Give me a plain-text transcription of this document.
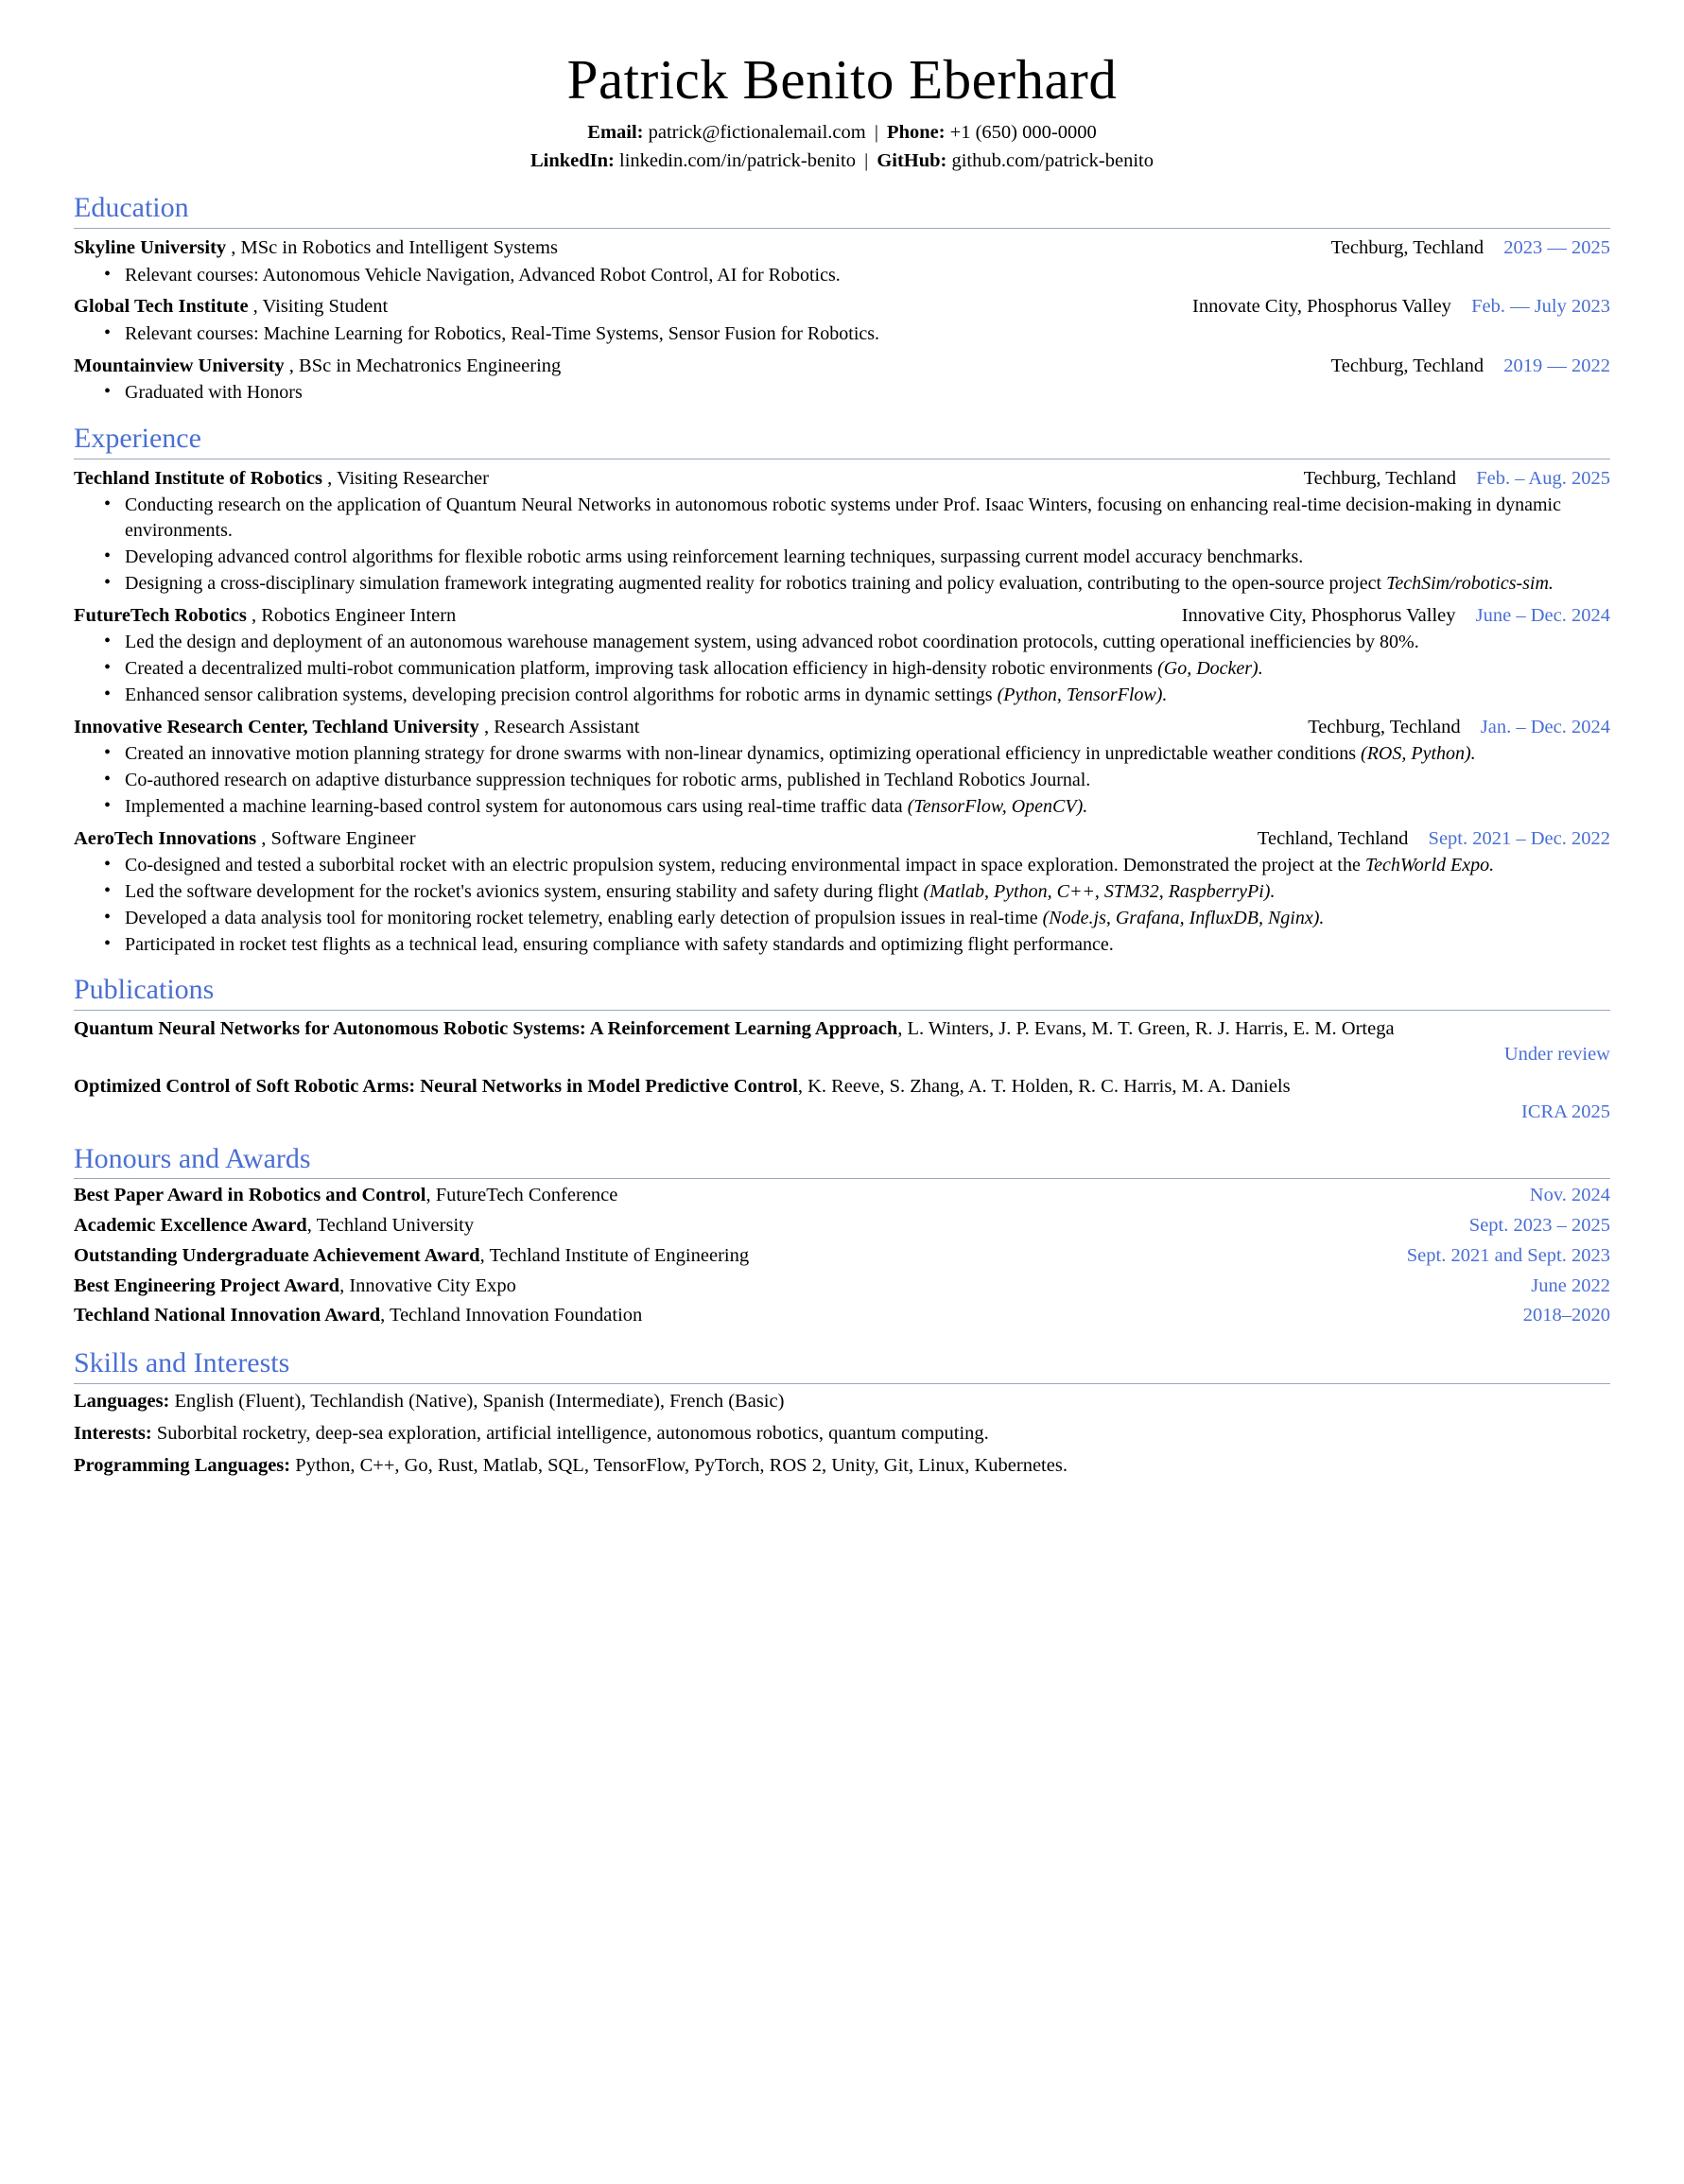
Patrick Benito Eberhard
Email: patrick@fictionalemail.com | Phone: +1 (650) 000-0000
LinkedIn: linkedin.com/in/patrick-benito | GitHub: github.com/patrick-benito
Education
Skyline University , MSc in Robotics and Intelligent Systems	Techburg, Techland 2023 — 2025
• Relevant courses: Autonomous Vehicle Navigation, Advanced Robot Control, AI for Robotics.
Global Tech Institute , Visiting Student	Innovate City, Phosphorus Valley Feb. — July 2023
• Relevant courses: Machine Learning for Robotics, Real-Time Systems, Sensor Fusion for Robotics.
Mountainview University , BSc in Mechatronics Engineering	Techburg, Techland 2019 — 2022
• Graduated with Honors
Experience
Techland Institute of Robotics , Visiting Researcher	Techburg, Techland Feb. – Aug. 2025
• Conducting research on the application of Quantum Neural Networks in autonomous robotic systems under Prof. Isaac Winters, focusing on enhancing real-time decision-making in dynamic environments.
• Developing advanced control algorithms for flexible robotic arms using reinforcement learning techniques, surpassing current model accuracy benchmarks.
• Designing a cross-disciplinary simulation framework integrating augmented reality for robotics training and policy evaluation, contributing to the open-source project TechSim/robotics-sim.
FutureTech Robotics , Robotics Engineer Intern	Innovative City, Phosphorus Valley June – Dec. 2024
• Led the design and deployment of an autonomous warehouse management system, using advanced robot coordination protocols, cutting operational inefficiencies by 80%.
• Created a decentralized multi-robot communication platform, improving task allocation efficiency in high-density robotic environments (Go, Docker).
• Enhanced sensor calibration systems, developing precision control algorithms for robotic arms in dynamic settings (Python, TensorFlow).
Innovative Research Center, Techland University , Research Assistant	Techburg, Techland Jan. – Dec. 2024
• Created an innovative motion planning strategy for drone swarms with non-linear dynamics, optimizing operational efficiency in unpredictable weather conditions (ROS, Python).
• Co-authored research on adaptive disturbance suppression techniques for robotic arms, published in Techland Robotics Journal.
• Implemented a machine learning-based control system for autonomous cars using real-time traffic data (TensorFlow, OpenCV).
AeroTech Innovations , Software Engineer	Techland, Techland Sept. 2021 – Dec. 2022
• Co-designed and tested a suborbital rocket with an electric propulsion system, reducing environmental impact in space exploration. Demonstrated the project at the TechWorld Expo.
• Led the software development for the rocket's avionics system, ensuring stability and safety during flight (Matlab, Python, C++, STM32, RaspberryPi).
• Developed a data analysis tool for monitoring rocket telemetry, enabling early detection of propulsion issues in real-time (Node.js, Grafana, InfluxDB, Nginx).
• Participated in rocket test flights as a technical lead, ensuring compliance with safety standards and optimizing flight performance.
Publications
Quantum Neural Networks for Autonomous Robotic Systems: A Reinforcement Learning Approach, L. Winters, J. P. Evans, M. T. Green, R. J. Harris, E. M. Ortega
Under review
Optimized Control of Soft Robotic Arms: Neural Networks in Model Predictive Control, K. Reeve, S. Zhang, A. T. Holden, R. C. Harris, M. A. Daniels
ICRA 2025
Honours and Awards
Best Paper Award in Robotics and Control, FutureTech Conference	Nov. 2024
Academic Excellence Award, Techland University	Sept. 2023 – 2025
Outstanding Undergraduate Achievement Award, Techland Institute of Engineering	Sept. 2021 and Sept. 2023
Best Engineering Project Award, Innovative City Expo	June 2022
Techland National Innovation Award, Techland Innovation Foundation	2018–2020
Skills and Interests
Languages: English (Fluent), Techlandish (Native), Spanish (Intermediate), French (Basic)
Interests: Suborbital rocketry, deep-sea exploration, artificial intelligence, autonomous robotics, quantum computing.
Programming Languages: Python, C++, Go, Rust, Matlab, SQL, TensorFlow, PyTorch, ROS 2, Unity, Git, Linux, Kubernetes.
